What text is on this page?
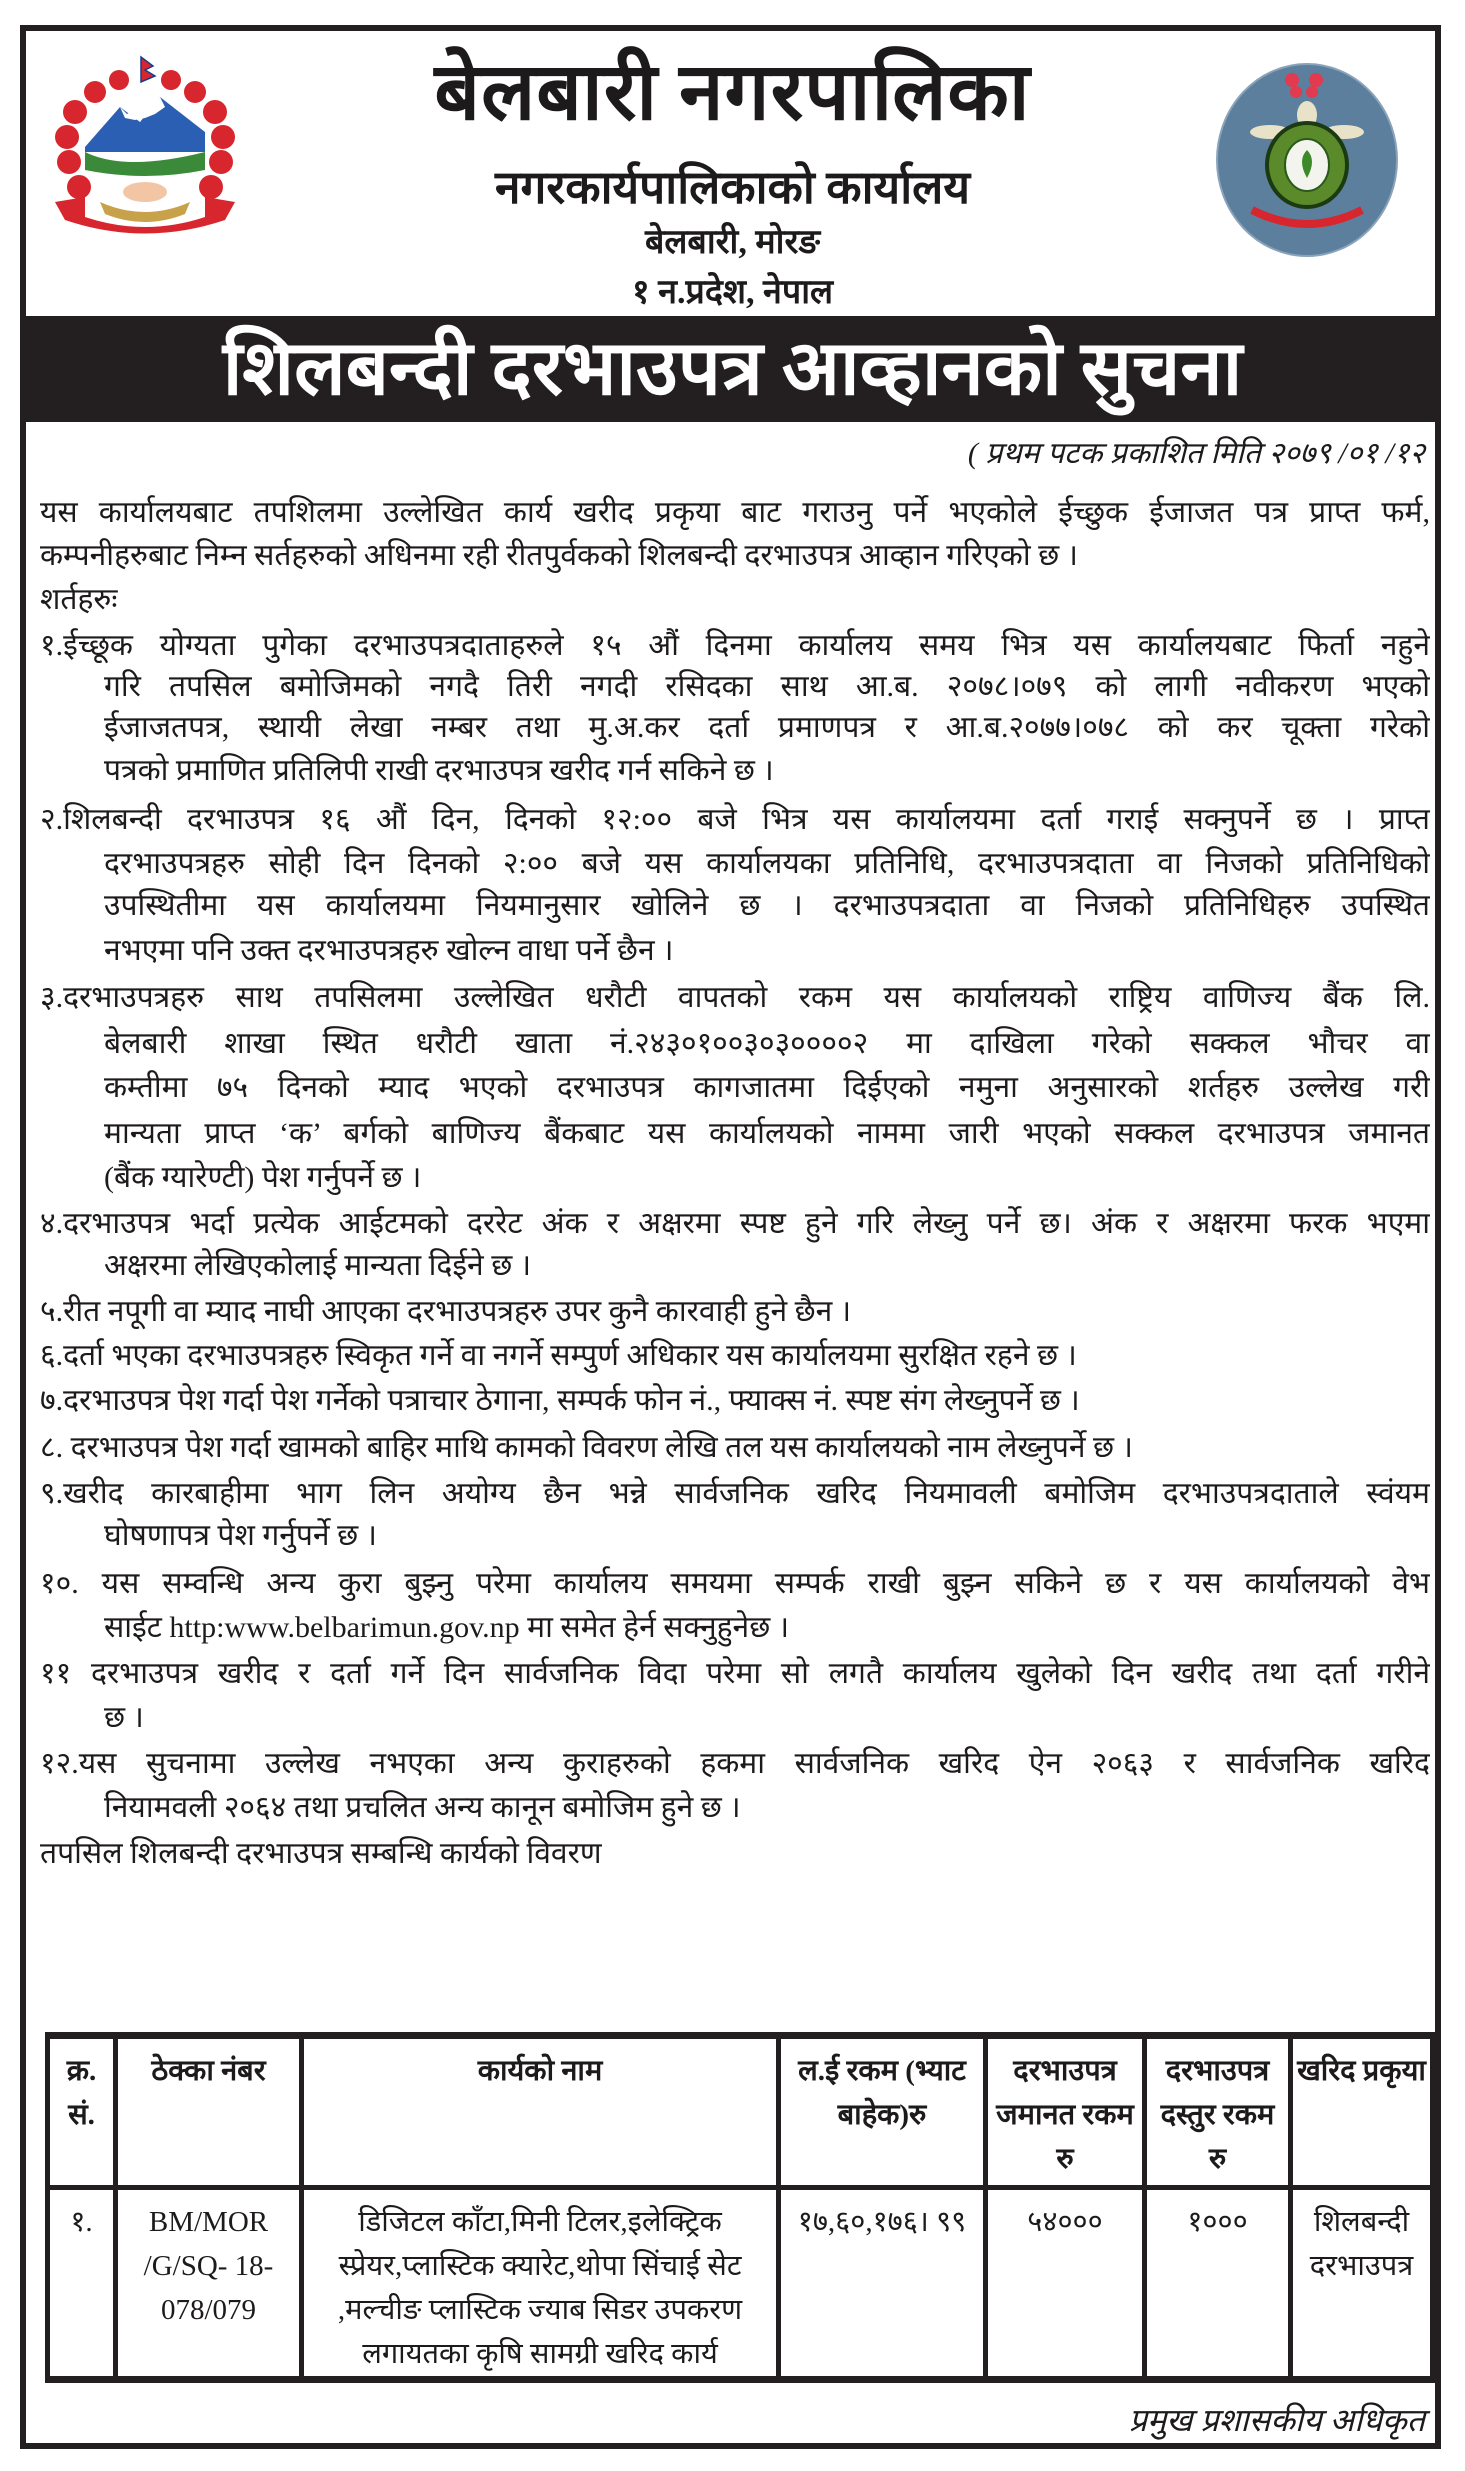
बेलबारी नगरपालिका
नगरकार्यपालिकाको कार्यालय
बेलबारी, मोरङ
१ न.प्रदेश, नेपाल
शिलबन्दी दरभाउपत्र आव्हानको सुचना
( प्रथम पटक प्रकाशित मिति २०७९ /०१ /१२
यस कार्यालयबाट तपशिलमा उल्लेखित कार्य खरीद प्रकृया बाट गराउनु पर्ने भएकोले ईच्छुक ईजाजत पत्र प्राप्त फर्म,
कम्पनीहरुबाट निम्न सर्तहरुको अधिनमा रही रीतपुर्वकको शिलबन्दी दरभाउपत्र आव्हान गरिएको छ ।
शर्तहरुः
१.ईच्छूक योग्यता पुगेका दरभाउपत्रदाताहरुले १५ औं दिनमा कार्यालय समय भित्र यस कार्यालयबाट फिर्ता नहुने
गरि तपसिल बमोजिमको नगदै तिरी नगदी रसिदका साथ आ.ब. २०७८।०७९ को लागी नवीकरण भएको
ईजाजतपत्र, स्थायी लेखा नम्बर तथा मु.अ.कर दर्ता प्रमाणपत्र र आ.ब.२०७७।०७८ को कर चूक्ता गरेको
पत्रको प्रमाणित प्रतिलिपी राखी दरभाउपत्र खरीद गर्न सकिने छ ।
२.शिलबन्दी दरभाउपत्र १६ औं दिन, दिनको १२:०० बजे भित्र यस कार्यालयमा दर्ता गराई सक्नुपर्ने छ । प्राप्त
दरभाउपत्रहरु सोही दिन दिनको २:०० बजे यस कार्यालयका प्रतिनिधि, दरभाउपत्रदाता वा निजको प्रतिनिधिको
उपस्थितीमा यस कार्यालयमा नियमानुसार खोलिने छ । दरभाउपत्रदाता वा निजको प्रतिनिधिहरु उपस्थित
नभएमा पनि उक्त दरभाउपत्रहरु खोल्न वाधा पर्ने छैन ।
३.दरभाउपत्रहरु साथ तपसिलमा उल्लेखित धरौटी वापतको रकम यस कार्यालयको राष्ट्रिय वाणिज्य बैंक लि.
बेलबारी शाखा स्थित धरौटी खाता नं.२४३०१००३०३००००२ मा दाखिला गरेको सक्कल भौचर वा
कम्तीमा ७५ दिनको म्याद भएको दरभाउपत्र कागजातमा दिईएको नमुना अनुसारको शर्तहरु उल्लेख गरी
मान्यता प्राप्त ‘क’ बर्गको बाणिज्य बैंकबाट यस कार्यालयको नाममा जारी भएको सक्कल दरभाउपत्र जमानत
(बैंक ग्यारेण्टी) पेश गर्नुपर्ने छ ।
४.दरभाउपत्र भर्दा प्रत्येक आईटमको दररेट अंक र अक्षरमा स्पष्ट हुने गरि लेख्नु पर्ने छ। अंक र अक्षरमा फरक भएमा
अक्षरमा लेखिएकोलाई मान्यता दिईने छ ।
५.रीत नपूगी वा म्याद नाघी आएका दरभाउपत्रहरु उपर कुनै कारवाही हुने छैन ।
६.दर्ता भएका दरभाउपत्रहरु स्विकृत गर्ने वा नगर्ने सम्पुर्ण अधिकार यस कार्यालयमा सुरक्षित रहने छ ।
७.दरभाउपत्र पेश गर्दा पेश गर्नेको पत्राचार ठेगाना, सम्पर्क फोन नं., फ्याक्स नं. स्पष्ट संग लेख्नुपर्ने छ ।
८. दरभाउपत्र पेश गर्दा खामको बाहिर माथि कामको विवरण लेखि तल यस कार्यालयको नाम लेख्नुपर्ने छ ।
९.खरीद कारबाहीमा भाग लिन अयोग्य छैन भन्ने सार्वजनिक खरिद नियमावली बमोजिम दरभाउपत्रदाताले स्वंयम
घोषणापत्र पेश गर्नुपर्ने छ ।
१०. यस सम्वन्धि अन्य कुरा बुझ्नु परेमा कार्यालय समयमा सम्पर्क राखी बुझ्न सकिने छ र यस कार्यालयको वेभ
साईट http:www.belbarimun.gov.np मा समेत हेर्न सक्नुहुनेछ ।
११ दरभाउपत्र खरीद र दर्ता गर्ने दिन सार्वजनिक विदा परेमा सो लगतै कार्यालय खुलेको दिन खरीद तथा दर्ता गरीने
छ ।
१२.यस सुचनामा उल्लेख नभएका अन्य कुराहरुको हकमा सार्वजनिक खरिद ऐन २०६३ र सार्वजनिक खरिद
नियामवली २०६४ तथा प्रचलित अन्य कानून बमोजिम हुने छ ।
तपसिल शिलबन्दी दरभाउपत्र सम्बन्धि कार्यको विवरण
क्र. सं.	ठेक्का नंबर	कार्यको नाम	ल.ई रकम (भ्याट बाहेक)रु	दरभाउपत्र जमानत रकम रु	दरभाउपत्र दस्तुर रकम रु	खरिद प्रकृया
१.	BM/MOR /G/SQ- 18- 078/079	डिजिटल काँटा,मिनी टिलर,इलेक्ट्रिक स्प्रेयर,प्लास्टिक क्यारेट,थोपा सिंचाई सेट ,मल्चीङ प्लास्टिक ज्याब सिडर उपकरण लगायतका कृषि सामग्री खरिद कार्य	१७,६०,१७६। ९९	५४०००	१०००	शिलबन्दी दरभाउपत्र
प्रमुख प्रशासकीय अधिकृत
